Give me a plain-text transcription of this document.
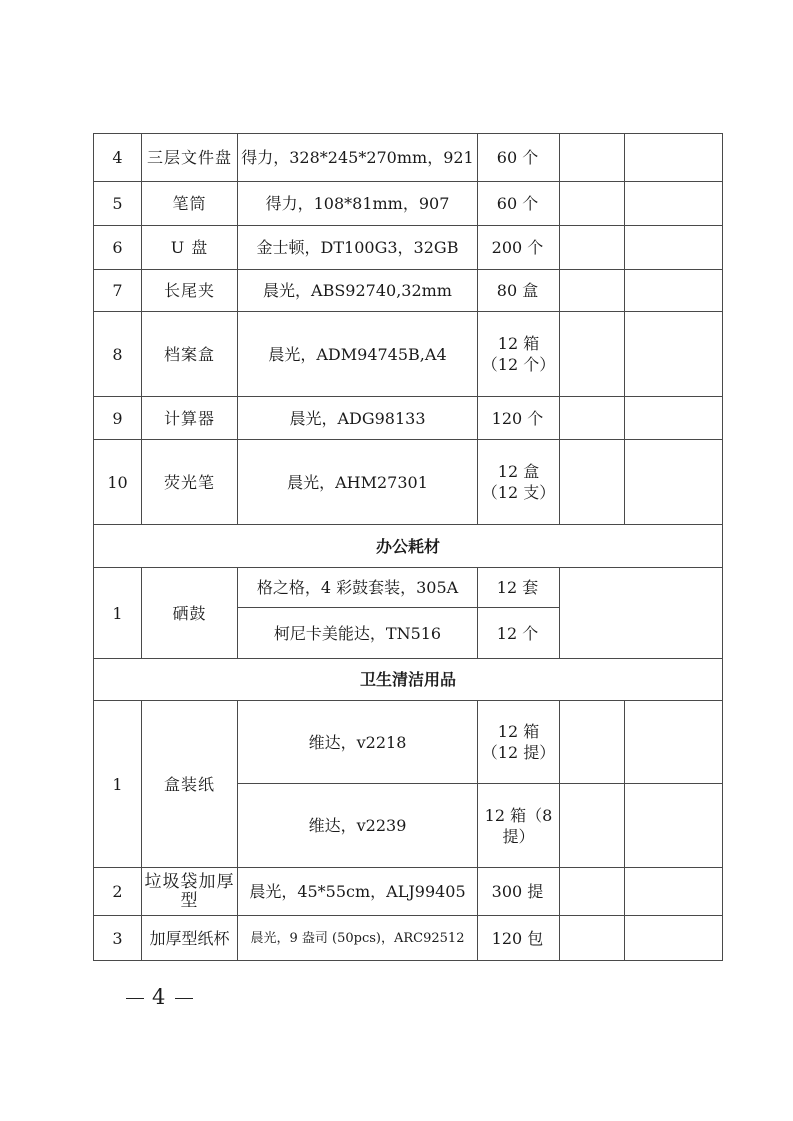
4	三层文件盘	得力，328*245*270mm，921	60 个		
5	笔筒	得力，108*81mm，907	60 个		
6	U 盘	金士顿，DT100G3，32GB	200 个		
7	长尾夹	晨光，ABS92740,32mm	80 盒		
8	档案盒	晨光，ADM94745B,A4	12 箱（12 个）		
9	计算器	晨光，ADG98133	120 个		
10	荧光笔	晨光，AHM27301	12 盒（12 支）		
办公耗材					
1	硒鼓	格之格，4 彩鼓套装，305A	12 套		
		柯尼卡美能达，TN516	12 个		
卫生清洁用品					
1	盒装纸	维达，v2218	12 箱（12 提）		
		维达，v2239	12 箱（8 提）		
2	垃圾袋加厚型	晨光，45*55cm，ALJ99405	300 提		
3	加厚型纸杯	晨光，9 盎司 (50pcs)，ARC92512	120 包		
4
